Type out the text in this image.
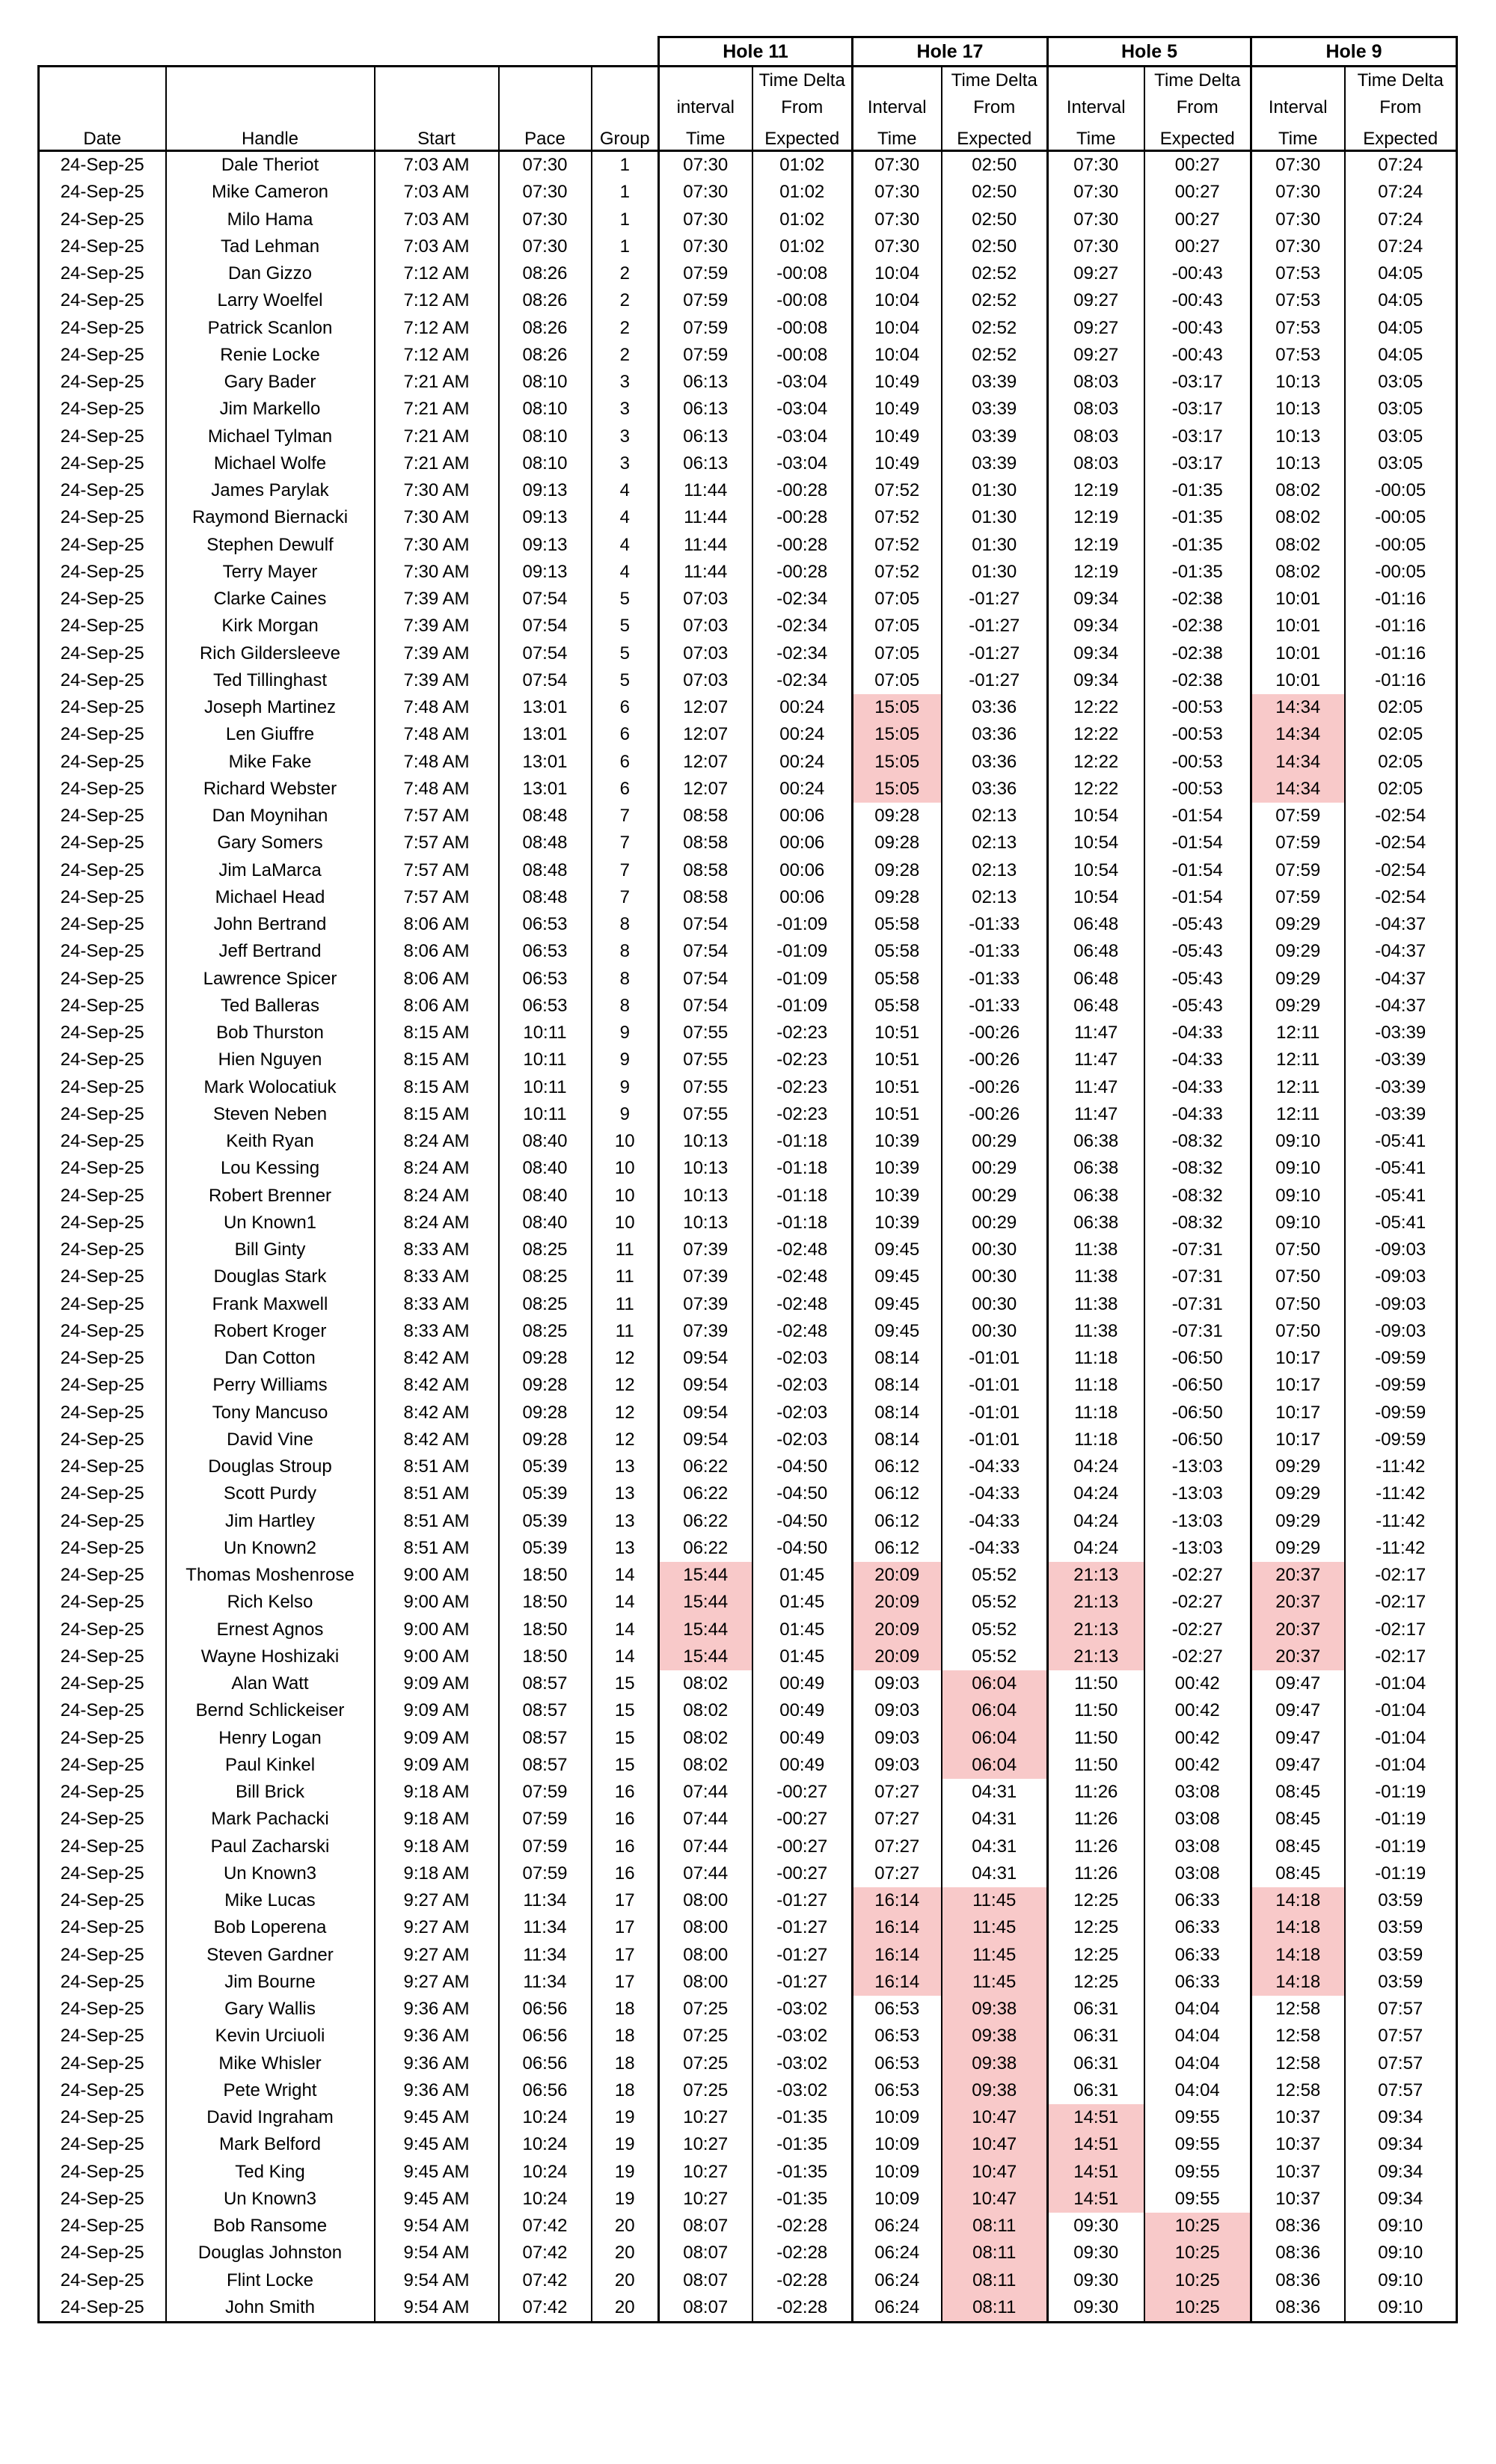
					Hole 11		Hole 17		Hole 5		Hole 9	
						Time Delta		Time Delta		Time Delta		Time Delta
					interval	From	Interval	From	Interval	From	Interval	From
Date	Handle	Start	Pace	Group	Time	Expected	Time	Expected	Time	Expected	Time	Expected
24-Sep-25	Dale Theriot	7:03 AM	07:30	1	07:30	01:02	07:30	02:50	07:30	00:27	07:30	07:24
24-Sep-25	Mike Cameron	7:03 AM	07:30	1	07:30	01:02	07:30	02:50	07:30	00:27	07:30	07:24
24-Sep-25	Milo Hama	7:03 AM	07:30	1	07:30	01:02	07:30	02:50	07:30	00:27	07:30	07:24
24-Sep-25	Tad Lehman	7:03 AM	07:30	1	07:30	01:02	07:30	02:50	07:30	00:27	07:30	07:24
24-Sep-25	Dan Gizzo	7:12 AM	08:26	2	07:59	-00:08	10:04	02:52	09:27	-00:43	07:53	04:05
24-Sep-25	Larry Woelfel	7:12 AM	08:26	2	07:59	-00:08	10:04	02:52	09:27	-00:43	07:53	04:05
24-Sep-25	Patrick Scanlon	7:12 AM	08:26	2	07:59	-00:08	10:04	02:52	09:27	-00:43	07:53	04:05
24-Sep-25	Renie Locke	7:12 AM	08:26	2	07:59	-00:08	10:04	02:52	09:27	-00:43	07:53	04:05
24-Sep-25	Gary Bader	7:21 AM	08:10	3	06:13	-03:04	10:49	03:39	08:03	-03:17	10:13	03:05
24-Sep-25	Jim Markello	7:21 AM	08:10	3	06:13	-03:04	10:49	03:39	08:03	-03:17	10:13	03:05
24-Sep-25	Michael Tylman	7:21 AM	08:10	3	06:13	-03:04	10:49	03:39	08:03	-03:17	10:13	03:05
24-Sep-25	Michael Wolfe	7:21 AM	08:10	3	06:13	-03:04	10:49	03:39	08:03	-03:17	10:13	03:05
24-Sep-25	James Parylak	7:30 AM	09:13	4	11:44	-00:28	07:52	01:30	12:19	-01:35	08:02	-00:05
24-Sep-25	Raymond Biernacki	7:30 AM	09:13	4	11:44	-00:28	07:52	01:30	12:19	-01:35	08:02	-00:05
24-Sep-25	Stephen Dewulf	7:30 AM	09:13	4	11:44	-00:28	07:52	01:30	12:19	-01:35	08:02	-00:05
24-Sep-25	Terry Mayer	7:30 AM	09:13	4	11:44	-00:28	07:52	01:30	12:19	-01:35	08:02	-00:05
24-Sep-25	Clarke Caines	7:39 AM	07:54	5	07:03	-02:34	07:05	-01:27	09:34	-02:38	10:01	-01:16
24-Sep-25	Kirk Morgan	7:39 AM	07:54	5	07:03	-02:34	07:05	-01:27	09:34	-02:38	10:01	-01:16
24-Sep-25	Rich Gildersleeve	7:39 AM	07:54	5	07:03	-02:34	07:05	-01:27	09:34	-02:38	10:01	-01:16
24-Sep-25	Ted Tillinghast	7:39 AM	07:54	5	07:03	-02:34	07:05	-01:27	09:34	-02:38	10:01	-01:16
24-Sep-25	Joseph Martinez	7:48 AM	13:01	6	12:07	00:24	15:05	03:36	12:22	-00:53	14:34	02:05
24-Sep-25	Len Giuffre	7:48 AM	13:01	6	12:07	00:24	15:05	03:36	12:22	-00:53	14:34	02:05
24-Sep-25	Mike Fake	7:48 AM	13:01	6	12:07	00:24	15:05	03:36	12:22	-00:53	14:34	02:05
24-Sep-25	Richard Webster	7:48 AM	13:01	6	12:07	00:24	15:05	03:36	12:22	-00:53	14:34	02:05
24-Sep-25	Dan Moynihan	7:57 AM	08:48	7	08:58	00:06	09:28	02:13	10:54	-01:54	07:59	-02:54
24-Sep-25	Gary Somers	7:57 AM	08:48	7	08:58	00:06	09:28	02:13	10:54	-01:54	07:59	-02:54
24-Sep-25	Jim LaMarca	7:57 AM	08:48	7	08:58	00:06	09:28	02:13	10:54	-01:54	07:59	-02:54
24-Sep-25	Michael Head	7:57 AM	08:48	7	08:58	00:06	09:28	02:13	10:54	-01:54	07:59	-02:54
24-Sep-25	John Bertrand	8:06 AM	06:53	8	07:54	-01:09	05:58	-01:33	06:48	-05:43	09:29	-04:37
24-Sep-25	Jeff Bertrand	8:06 AM	06:53	8	07:54	-01:09	05:58	-01:33	06:48	-05:43	09:29	-04:37
24-Sep-25	Lawrence Spicer	8:06 AM	06:53	8	07:54	-01:09	05:58	-01:33	06:48	-05:43	09:29	-04:37
24-Sep-25	Ted Balleras	8:06 AM	06:53	8	07:54	-01:09	05:58	-01:33	06:48	-05:43	09:29	-04:37
24-Sep-25	Bob Thurston	8:15 AM	10:11	9	07:55	-02:23	10:51	-00:26	11:47	-04:33	12:11	-03:39
24-Sep-25	Hien Nguyen	8:15 AM	10:11	9	07:55	-02:23	10:51	-00:26	11:47	-04:33	12:11	-03:39
24-Sep-25	Mark Wolocatiuk	8:15 AM	10:11	9	07:55	-02:23	10:51	-00:26	11:47	-04:33	12:11	-03:39
24-Sep-25	Steven Neben	8:15 AM	10:11	9	07:55	-02:23	10:51	-00:26	11:47	-04:33	12:11	-03:39
24-Sep-25	Keith Ryan	8:24 AM	08:40	10	10:13	-01:18	10:39	00:29	06:38	-08:32	09:10	-05:41
24-Sep-25	Lou Kessing	8:24 AM	08:40	10	10:13	-01:18	10:39	00:29	06:38	-08:32	09:10	-05:41
24-Sep-25	Robert Brenner	8:24 AM	08:40	10	10:13	-01:18	10:39	00:29	06:38	-08:32	09:10	-05:41
24-Sep-25	Un Known1	8:24 AM	08:40	10	10:13	-01:18	10:39	00:29	06:38	-08:32	09:10	-05:41
24-Sep-25	Bill Ginty	8:33 AM	08:25	11	07:39	-02:48	09:45	00:30	11:38	-07:31	07:50	-09:03
24-Sep-25	Douglas Stark	8:33 AM	08:25	11	07:39	-02:48	09:45	00:30	11:38	-07:31	07:50	-09:03
24-Sep-25	Frank Maxwell	8:33 AM	08:25	11	07:39	-02:48	09:45	00:30	11:38	-07:31	07:50	-09:03
24-Sep-25	Robert Kroger	8:33 AM	08:25	11	07:39	-02:48	09:45	00:30	11:38	-07:31	07:50	-09:03
24-Sep-25	Dan Cotton	8:42 AM	09:28	12	09:54	-02:03	08:14	-01:01	11:18	-06:50	10:17	-09:59
24-Sep-25	Perry Williams	8:42 AM	09:28	12	09:54	-02:03	08:14	-01:01	11:18	-06:50	10:17	-09:59
24-Sep-25	Tony Mancuso	8:42 AM	09:28	12	09:54	-02:03	08:14	-01:01	11:18	-06:50	10:17	-09:59
24-Sep-25	David Vine	8:42 AM	09:28	12	09:54	-02:03	08:14	-01:01	11:18	-06:50	10:17	-09:59
24-Sep-25	Douglas Stroup	8:51 AM	05:39	13	06:22	-04:50	06:12	-04:33	04:24	-13:03	09:29	-11:42
24-Sep-25	Scott Purdy	8:51 AM	05:39	13	06:22	-04:50	06:12	-04:33	04:24	-13:03	09:29	-11:42
24-Sep-25	Jim Hartley	8:51 AM	05:39	13	06:22	-04:50	06:12	-04:33	04:24	-13:03	09:29	-11:42
24-Sep-25	Un Known2	8:51 AM	05:39	13	06:22	-04:50	06:12	-04:33	04:24	-13:03	09:29	-11:42
24-Sep-25	Thomas Moshenrose	9:00 AM	18:50	14	15:44	01:45	20:09	05:52	21:13	-02:27	20:37	-02:17
24-Sep-25	Rich Kelso	9:00 AM	18:50	14	15:44	01:45	20:09	05:52	21:13	-02:27	20:37	-02:17
24-Sep-25	Ernest Agnos	9:00 AM	18:50	14	15:44	01:45	20:09	05:52	21:13	-02:27	20:37	-02:17
24-Sep-25	Wayne Hoshizaki	9:00 AM	18:50	14	15:44	01:45	20:09	05:52	21:13	-02:27	20:37	-02:17
24-Sep-25	Alan Watt	9:09 AM	08:57	15	08:02	00:49	09:03	06:04	11:50	00:42	09:47	-01:04
24-Sep-25	Bernd Schlickeiser	9:09 AM	08:57	15	08:02	00:49	09:03	06:04	11:50	00:42	09:47	-01:04
24-Sep-25	Henry Logan	9:09 AM	08:57	15	08:02	00:49	09:03	06:04	11:50	00:42	09:47	-01:04
24-Sep-25	Paul Kinkel	9:09 AM	08:57	15	08:02	00:49	09:03	06:04	11:50	00:42	09:47	-01:04
24-Sep-25	Bill Brick	9:18 AM	07:59	16	07:44	-00:27	07:27	04:31	11:26	03:08	08:45	-01:19
24-Sep-25	Mark Pachacki	9:18 AM	07:59	16	07:44	-00:27	07:27	04:31	11:26	03:08	08:45	-01:19
24-Sep-25	Paul Zacharski	9:18 AM	07:59	16	07:44	-00:27	07:27	04:31	11:26	03:08	08:45	-01:19
24-Sep-25	Un Known3	9:18 AM	07:59	16	07:44	-00:27	07:27	04:31	11:26	03:08	08:45	-01:19
24-Sep-25	Mike Lucas	9:27 AM	11:34	17	08:00	-01:27	16:14	11:45	12:25	06:33	14:18	03:59
24-Sep-25	Bob Loperena	9:27 AM	11:34	17	08:00	-01:27	16:14	11:45	12:25	06:33	14:18	03:59
24-Sep-25	Steven Gardner	9:27 AM	11:34	17	08:00	-01:27	16:14	11:45	12:25	06:33	14:18	03:59
24-Sep-25	Jim Bourne	9:27 AM	11:34	17	08:00	-01:27	16:14	11:45	12:25	06:33	14:18	03:59
24-Sep-25	Gary Wallis	9:36 AM	06:56	18	07:25	-03:02	06:53	09:38	06:31	04:04	12:58	07:57
24-Sep-25	Kevin Urciuoli	9:36 AM	06:56	18	07:25	-03:02	06:53	09:38	06:31	04:04	12:58	07:57
24-Sep-25	Mike Whisler	9:36 AM	06:56	18	07:25	-03:02	06:53	09:38	06:31	04:04	12:58	07:57
24-Sep-25	Pete Wright	9:36 AM	06:56	18	07:25	-03:02	06:53	09:38	06:31	04:04	12:58	07:57
24-Sep-25	David Ingraham	9:45 AM	10:24	19	10:27	-01:35	10:09	10:47	14:51	09:55	10:37	09:34
24-Sep-25	Mark Belford	9:45 AM	10:24	19	10:27	-01:35	10:09	10:47	14:51	09:55	10:37	09:34
24-Sep-25	Ted King	9:45 AM	10:24	19	10:27	-01:35	10:09	10:47	14:51	09:55	10:37	09:34
24-Sep-25	Un Known3	9:45 AM	10:24	19	10:27	-01:35	10:09	10:47	14:51	09:55	10:37	09:34
24-Sep-25	Bob Ransome	9:54 AM	07:42	20	08:07	-02:28	06:24	08:11	09:30	10:25	08:36	09:10
24-Sep-25	Douglas Johnston	9:54 AM	07:42	20	08:07	-02:28	06:24	08:11	09:30	10:25	08:36	09:10
24-Sep-25	Flint Locke	9:54 AM	07:42	20	08:07	-02:28	06:24	08:11	09:30	10:25	08:36	09:10
24-Sep-25	John Smith	9:54 AM	07:42	20	08:07	-02:28	06:24	08:11	09:30	10:25	08:36	09:10
